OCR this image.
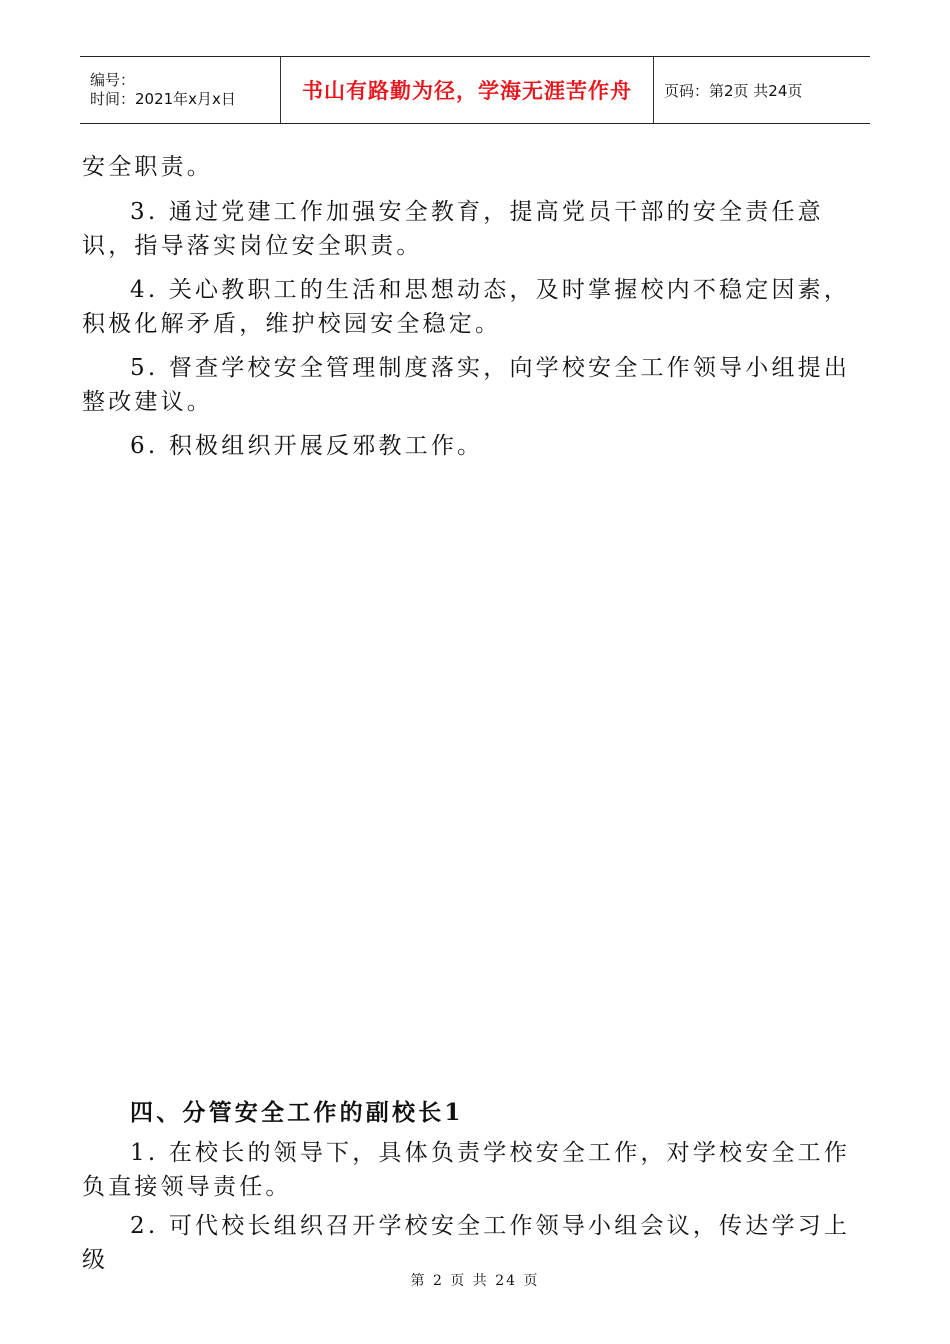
编号：
时间：2021年x月x日	书山有路勤为径，学海无涯苦作舟 页码：第2页 共24页

安全职责。

3. 通过党建工作加强安全教育，提高党员干部的安全责任意识，指导落实岗位安全职责。

4. 关心教职工的生活和思想动态，及时掌握校内不稳定因素，积极化解矛盾，维护校园安全稳定。

5. 督查学校安全管理制度落实，向学校安全工作领导小组提出整改建议。

6. 积极组织开展反邪教工作。

四、分管安全工作的副校长1

1. 在校长的领导下，具体负责学校安全工作，对学校安全工作负直接领导责任。

2. 可代校长组织召开学校安全工作领导小组会议，传达学习上级

第 2 页 共 24 页
